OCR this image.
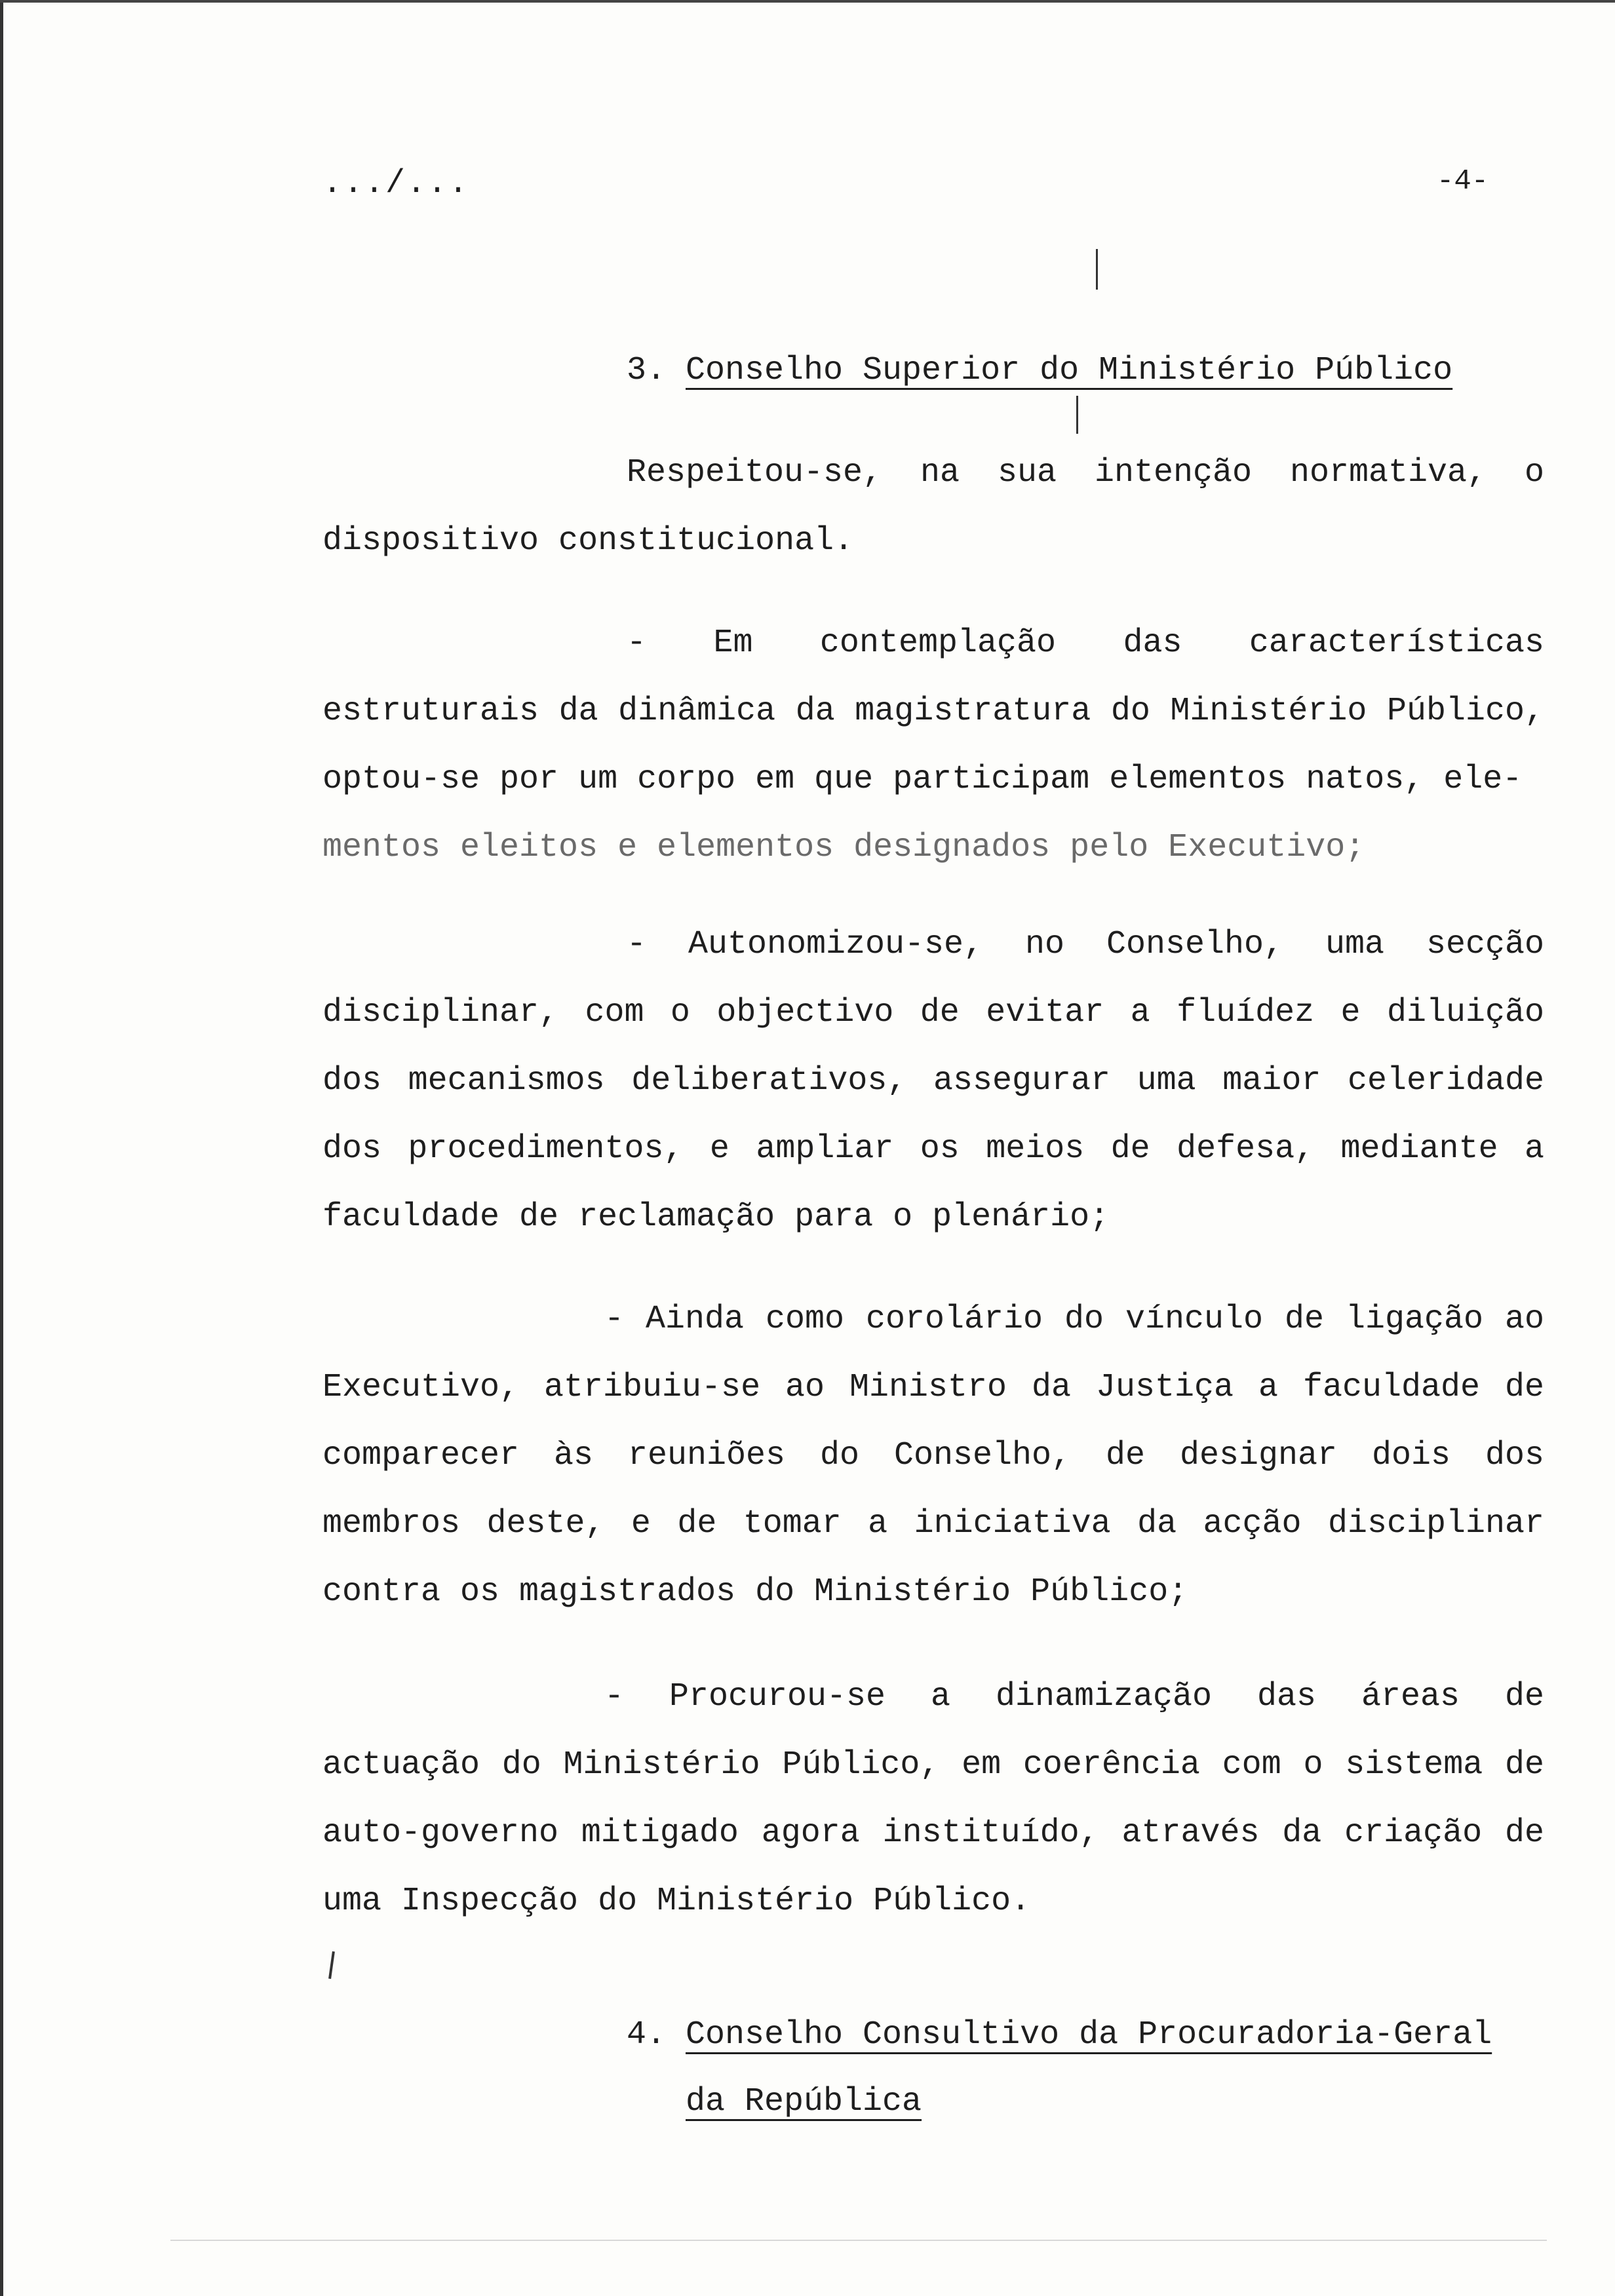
.../...	-4-
3. Conselho Superior do Ministério Público

Respeitou-se, na sua intenção normativa, o dispositivo constitucional.

- Em contemplação das características estruturais da dinâmica da magistratura do Ministério Público, optou-se por um corpo em que participam elementos natos, ele-

mentos eleitos e elementos designados pelo Executivo;

- Autonomizou-se, no Conselho, uma secção disciplinar, com o objectivo de evitar a fluídez e diluição dos mecanismos deliberativos, assegurar uma maior celeridade dos procedimentos, e ampliar os meios de defesa, mediante a faculdade de reclamação para o plenário;

- Ainda como corolário do vínculo de ligação ao Executivo, atribuiu-se ao Ministro da Justiça a faculdade de comparecer às reuniões do Conselho, de designar dois dos membros deste, e de tomar a iniciativa da acção disciplinar contra os magistrados do Ministério Público;

- Procurou-se a dinamização das áreas de actuação do Ministério Público, em coerência com o sistema de auto-governo mitigado agora instituído, através da criação de uma Inspecção do Ministério Público.

4. Conselho Consultivo da Procuradoria-Geral
da República
